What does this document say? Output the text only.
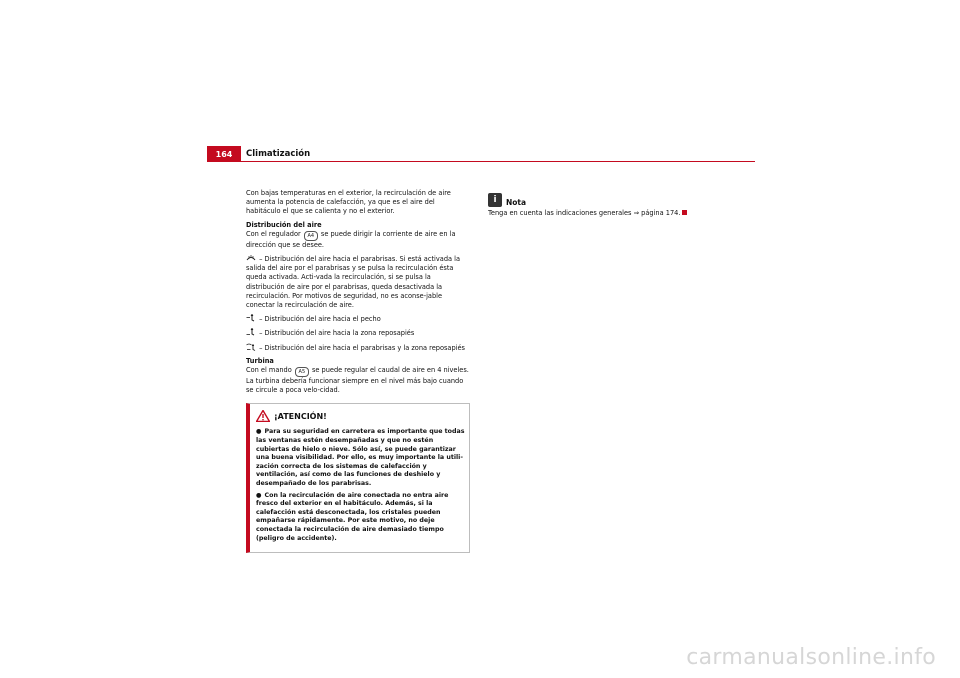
164	Climatización

Con bajas temperaturas en el exterior, la recirculación de aire aumenta la potencia de calefacción, ya que es el aire del habitáculo el que se calienta y no el exterior.

Distribución del aire

Con el regulador A4 se puede dirigir la corriente de aire en la dirección que se desee.

– Distribución del aire hacia el parabrisas. Si está activada la salida del aire por el parabrisas y se pulsa la recirculación ésta queda activada. Acti-vada la recirculación, si se pulsa la distribución de aire por el parabrisas, queda desactivada la recirculación. Por motivos de seguridad, no es aconse-jable conectar la recirculación de aire.

– Distribución del aire hacia el pecho

– Distribución del aire hacia la zona reposapiés

– Distribución del aire hacia el parabrisas y la zona reposapiés

Turbina

Con el mando A5 se puede regular el caudal de aire en 4 niveles. La turbina debería funcionar siempre en el nivel más bajo cuando se circule a poca velo-cidad.

¡ATENCIÓN!

● Para su seguridad en carretera es importante que todas las ventanas estén desempañadas y que no estén cubiertas de hielo o nieve. Sólo así, se puede garantizar una buena visibilidad. Por ello, es muy importante la utili-zación correcta de los sistemas de calefacción y ventilación, así como de las funciones de deshielo y desempañado de los parabrisas.

● Con la recirculación de aire conectada no entra aire fresco del exterior en el habitáculo. Además, si la calefacción está desconectada, los cristales pueden empañarse rápidamente. Por este motivo, no deje conectada la recirculación de aire demasiado tiempo (peligro de accidente).

i	Nota

Tenga en cuenta las indicaciones generales ⇒ página 174.

carmanualsonline.info
